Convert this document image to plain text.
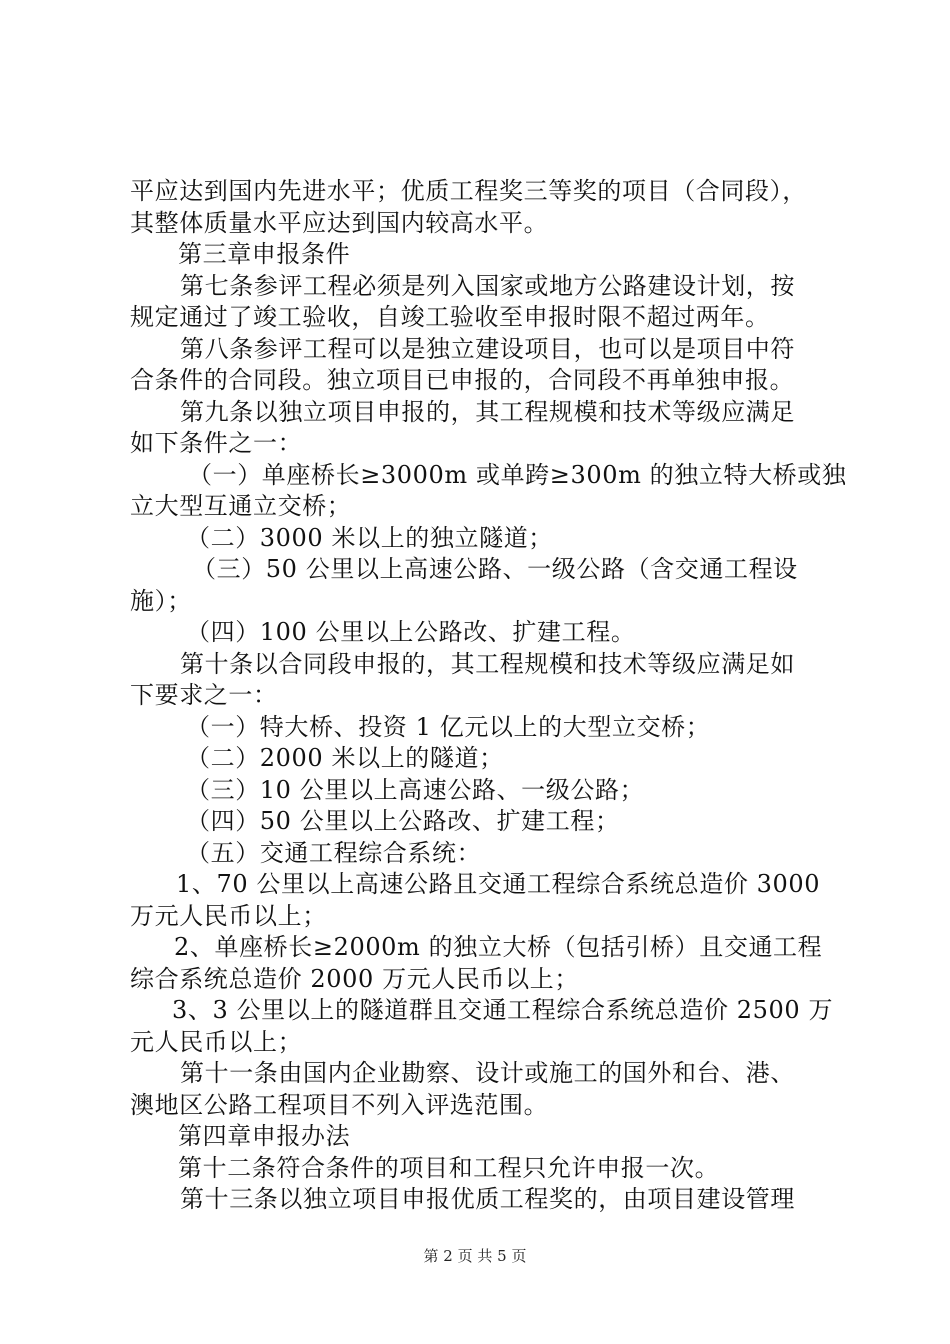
平应达到国内先进水平；优质工程奖三等奖的项目（合同段），
其整体质量水平应达到国内较高水平。
第三章申报条件
第七条参评工程必须是列入国家或地方公路建设计划，按
规定通过了竣工验收，自竣工验收至申报时限不超过两年。
第八条参评工程可以是独立建设项目，也可以是项目中符
合条件的合同段。独立项目已申报的，合同段不再单独申报。
第九条以独立项目申报的，其工程规模和技术等级应满足
如下条件之一：
（一）单座桥长≥3000m 或单跨≥300m 的独立特大桥或独
立大型互通立交桥；
（二）3000 米以上的独立隧道；
（三）50 公里以上高速公路、一级公路（含交通工程设
施）；
（四）100 公里以上公路改、扩建工程。
第十条以合同段申报的，其工程规模和技术等级应满足如
下要求之一：
（一）特大桥、投资 1 亿元以上的大型立交桥；
（二）2000 米以上的隧道；
（三）10 公里以上高速公路、一级公路；
（四）50 公里以上公路改、扩建工程；
（五）交通工程综合系统：
1、70 公里以上高速公路且交通工程综合系统总造价 3000
万元人民币以上；
2、单座桥长≥2000m 的独立大桥（包括引桥）且交通工程
综合系统总造价 2000 万元人民币以上；
3、3 公里以上的隧道群且交通工程综合系统总造价 2500 万
元人民币以上；
第十一条由国内企业勘察、设计或施工的国外和台、港、
澳地区公路工程项目不列入评选范围。
第四章申报办法
第十二条符合条件的项目和工程只允许申报一次。
第十三条以独立项目申报优质工程奖的，由项目建设管理
第 2 页 共 5 页
